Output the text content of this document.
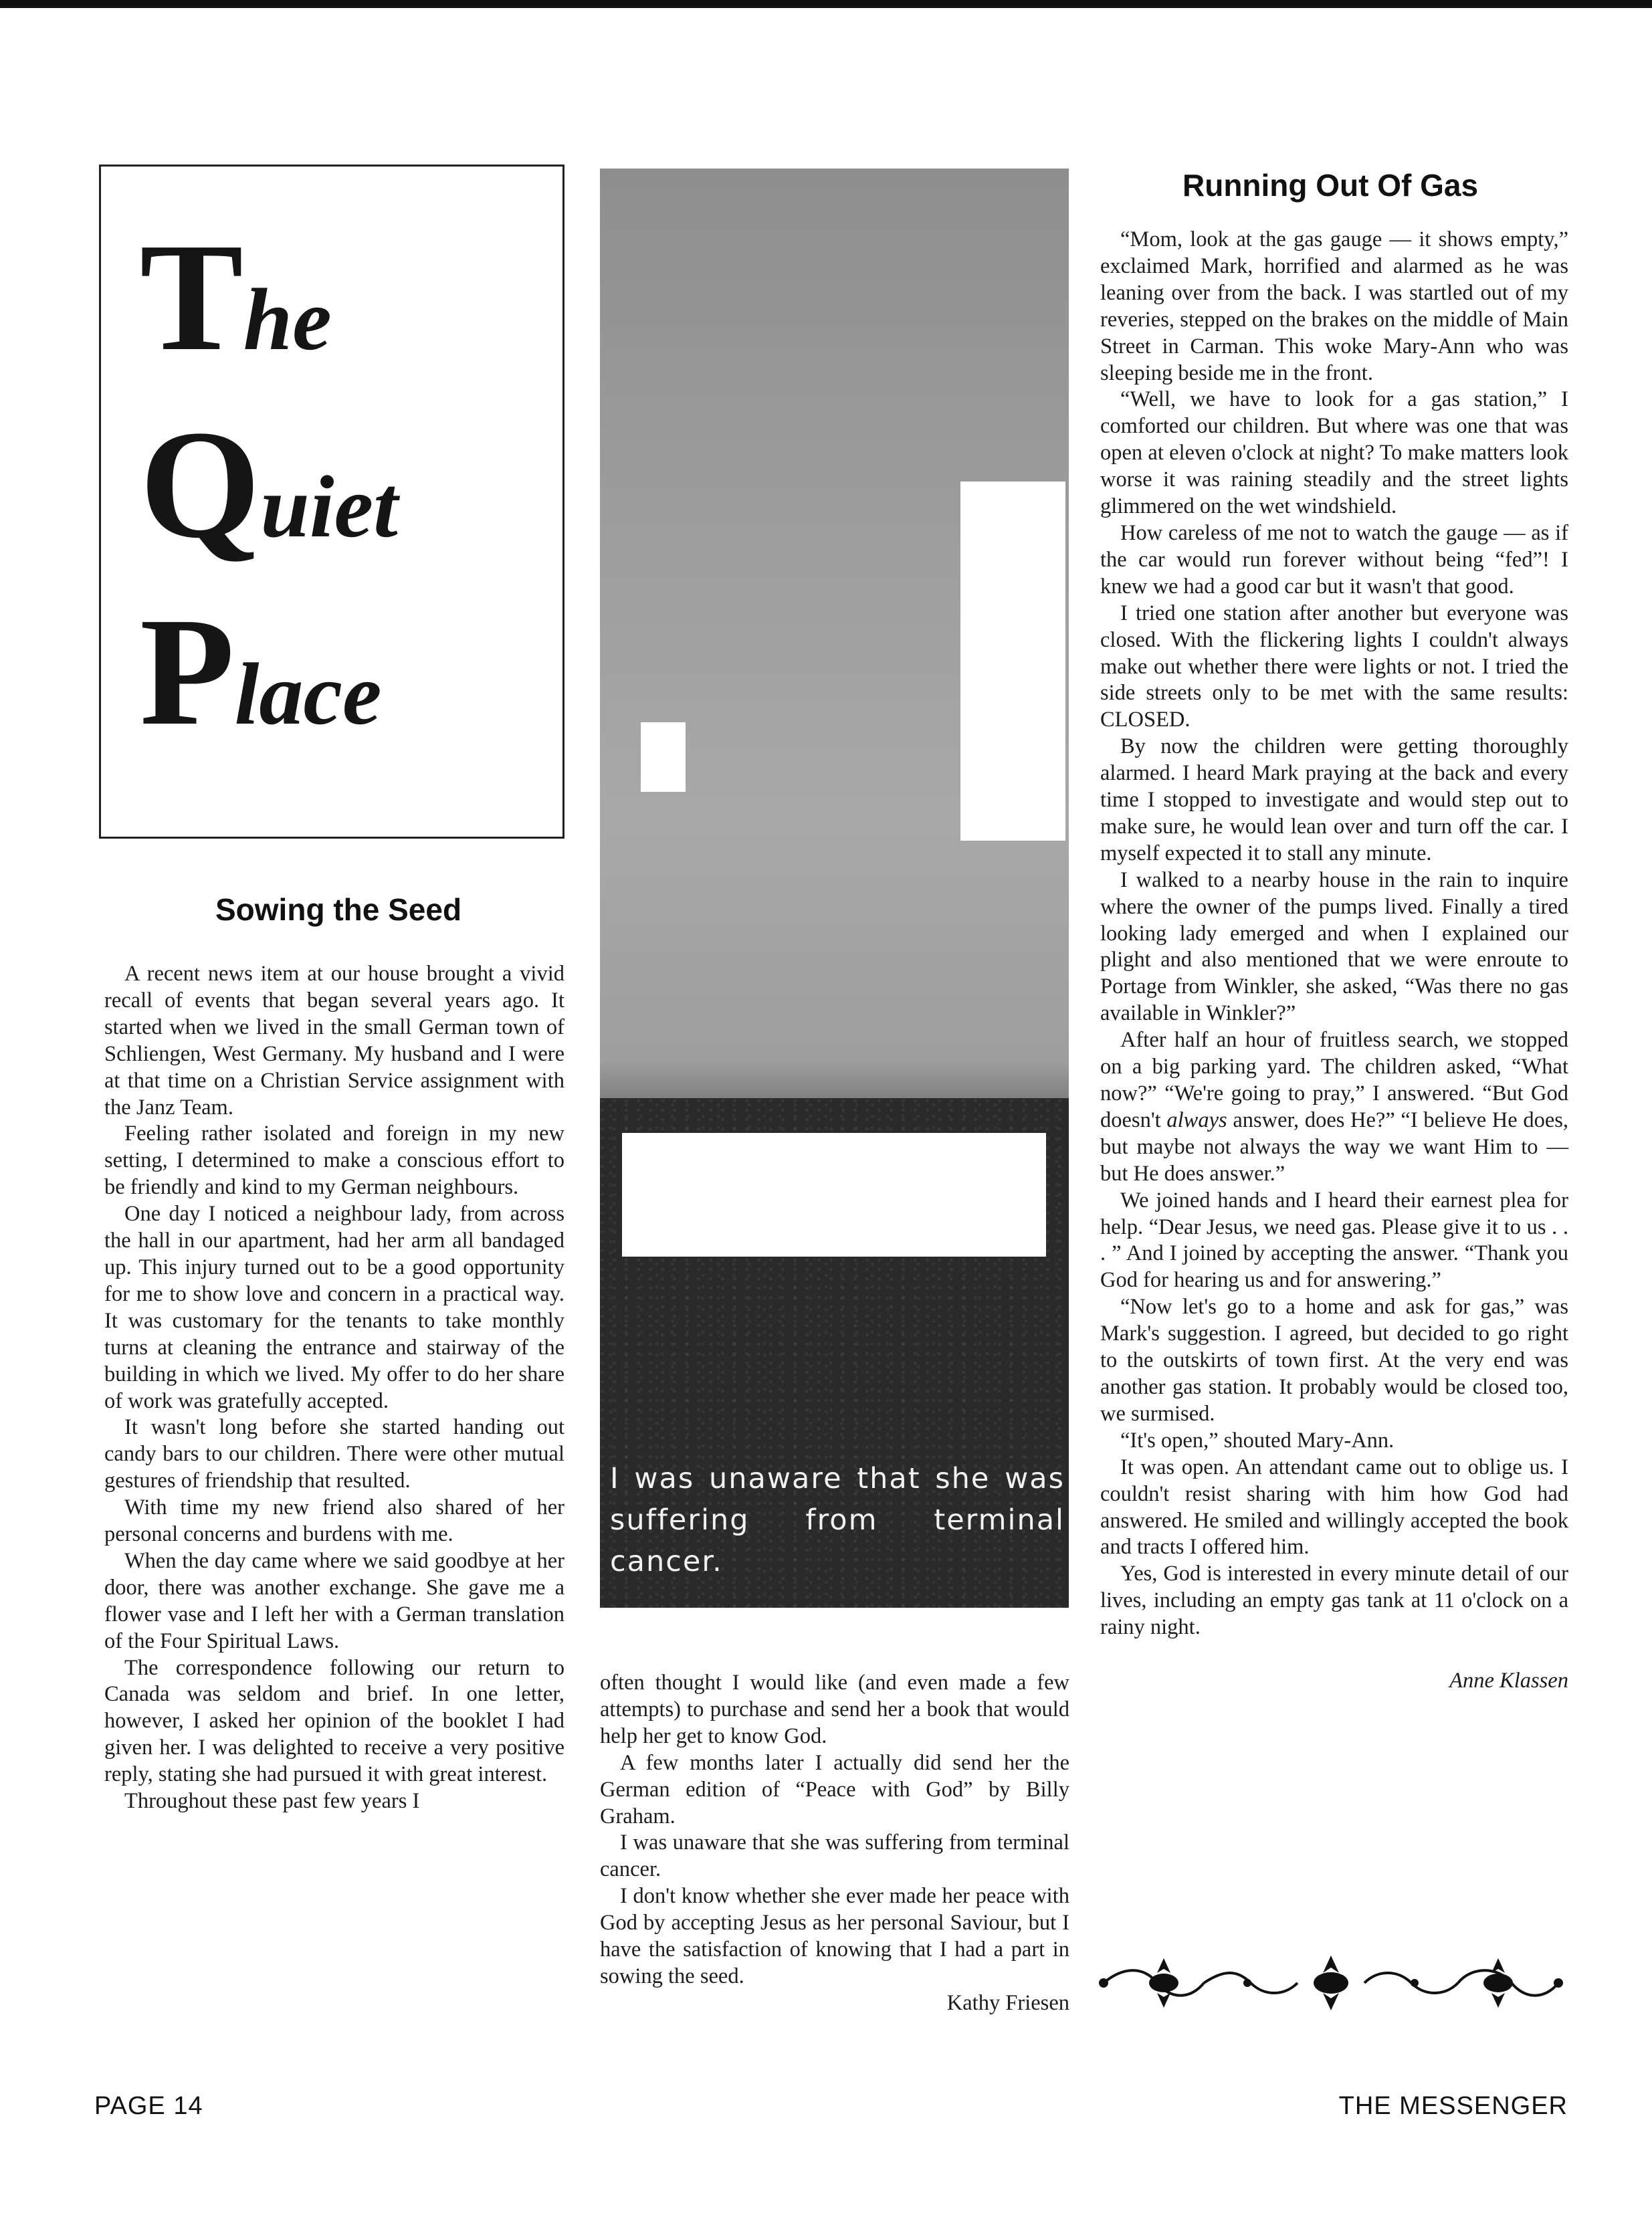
The
Quiet
Place
Sowing the Seed

A recent news item at our house brought a vivid recall of events that began several years ago. It started when we lived in the small German town of Schliengen, West Germany. My husband and I were at that time on a Christian Service assignment with the Janz Team.

Feeling rather isolated and foreign in my new setting, I determined to make a conscious effort to be friendly and kind to my German neighbours.

One day I noticed a neighbour lady, from across the hall in our apartment, had her arm all bandaged up. This injury turned out to be a good opportunity for me to show love and concern in a practical way. It was customary for the tenants to take monthly turns at cleaning the entrance and stairway of the building in which we lived. My offer to do her share of work was gratefully accepted.

It wasn't long before she started handing out candy bars to our children. There were other mutual gestures of friendship that resulted.

With time my new friend also shared of her personal concerns and burdens with me.

When the day came where we said goodbye at her door, there was another exchange. She gave me a flower vase and I left her with a German translation of the Four Spiritual Laws.

The correspondence following our return to Canada was seldom and brief. In one letter, however, I asked her opinion of the booklet I had given her. I was delighted to receive a very positive reply, stating she had pursued it with great interest.

Throughout these past few years I

I was unaware that she was suffering from terminal cancer.

often thought I would like (and even made a few attempts) to purchase and send her a book that would help her get to know God.

A few months later I actually did send her the German edition of “Peace with God” by Billy Graham.

I was unaware that she was suffering from terminal cancer.

I don't know whether she ever made her peace with God by accepting Jesus as her personal Saviour, but I have the satisfaction of knowing that I had a part in sowing the seed.

Kathy Friesen

Running Out Of Gas

“Mom, look at the gas gauge — it shows empty,” exclaimed Mark, horrified and alarmed as he was leaning over from the back. I was startled out of my reveries, stepped on the brakes on the middle of Main Street in Carman. This woke Mary-Ann who was sleeping beside me in the front.

“Well, we have to look for a gas station,” I comforted our children. But where was one that was open at eleven o'clock at night? To make matters look worse it was raining steadily and the street lights glimmered on the wet windshield.

How careless of me not to watch the gauge — as if the car would run forever without being “fed”! I knew we had a good car but it wasn't that good.

I tried one station after another but everyone was closed. With the flickering lights I couldn't always make out whether there were lights or not. I tried the side streets only to be met with the same results: CLOSED.

By now the children were getting thoroughly alarmed. I heard Mark praying at the back and every time I stopped to investigate and would step out to make sure, he would lean over and turn off the car. I myself expected it to stall any minute.

I walked to a nearby house in the rain to inquire where the owner of the pumps lived. Finally a tired looking lady emerged and when I explained our plight and also mentioned that we were enroute to Portage from Winkler, she asked, “Was there no gas available in Winkler?”

After half an hour of fruitless search, we stopped on a big parking yard. The children asked, “What now?” “We're going to pray,” I answered. “But God doesn't always answer, does He?” “I believe He does, but maybe not always the way we want Him to — but He does answer.”

We joined hands and I heard their earnest plea for help. “Dear Jesus, we need gas. Please give it to us . . . ” And I joined by accepting the answer. “Thank you God for hearing us and for answering.”

“Now let's go to a home and ask for gas,” was Mark's suggestion. I agreed, but decided to go right to the outskirts of town first. At the very end was another gas station. It probably would be closed too, we surmised.

“It's open,” shouted Mary-Ann.

It was open. An attendant came out to oblige us. I couldn't resist sharing with him how God had answered. He smiled and willingly accepted the book and tracts I offered him.

Yes, God is interested in every minute detail of our lives, including an empty gas tank at 11 o'clock on a rainy night.

Anne Klassen

PAGE 14	THE MESSENGER
